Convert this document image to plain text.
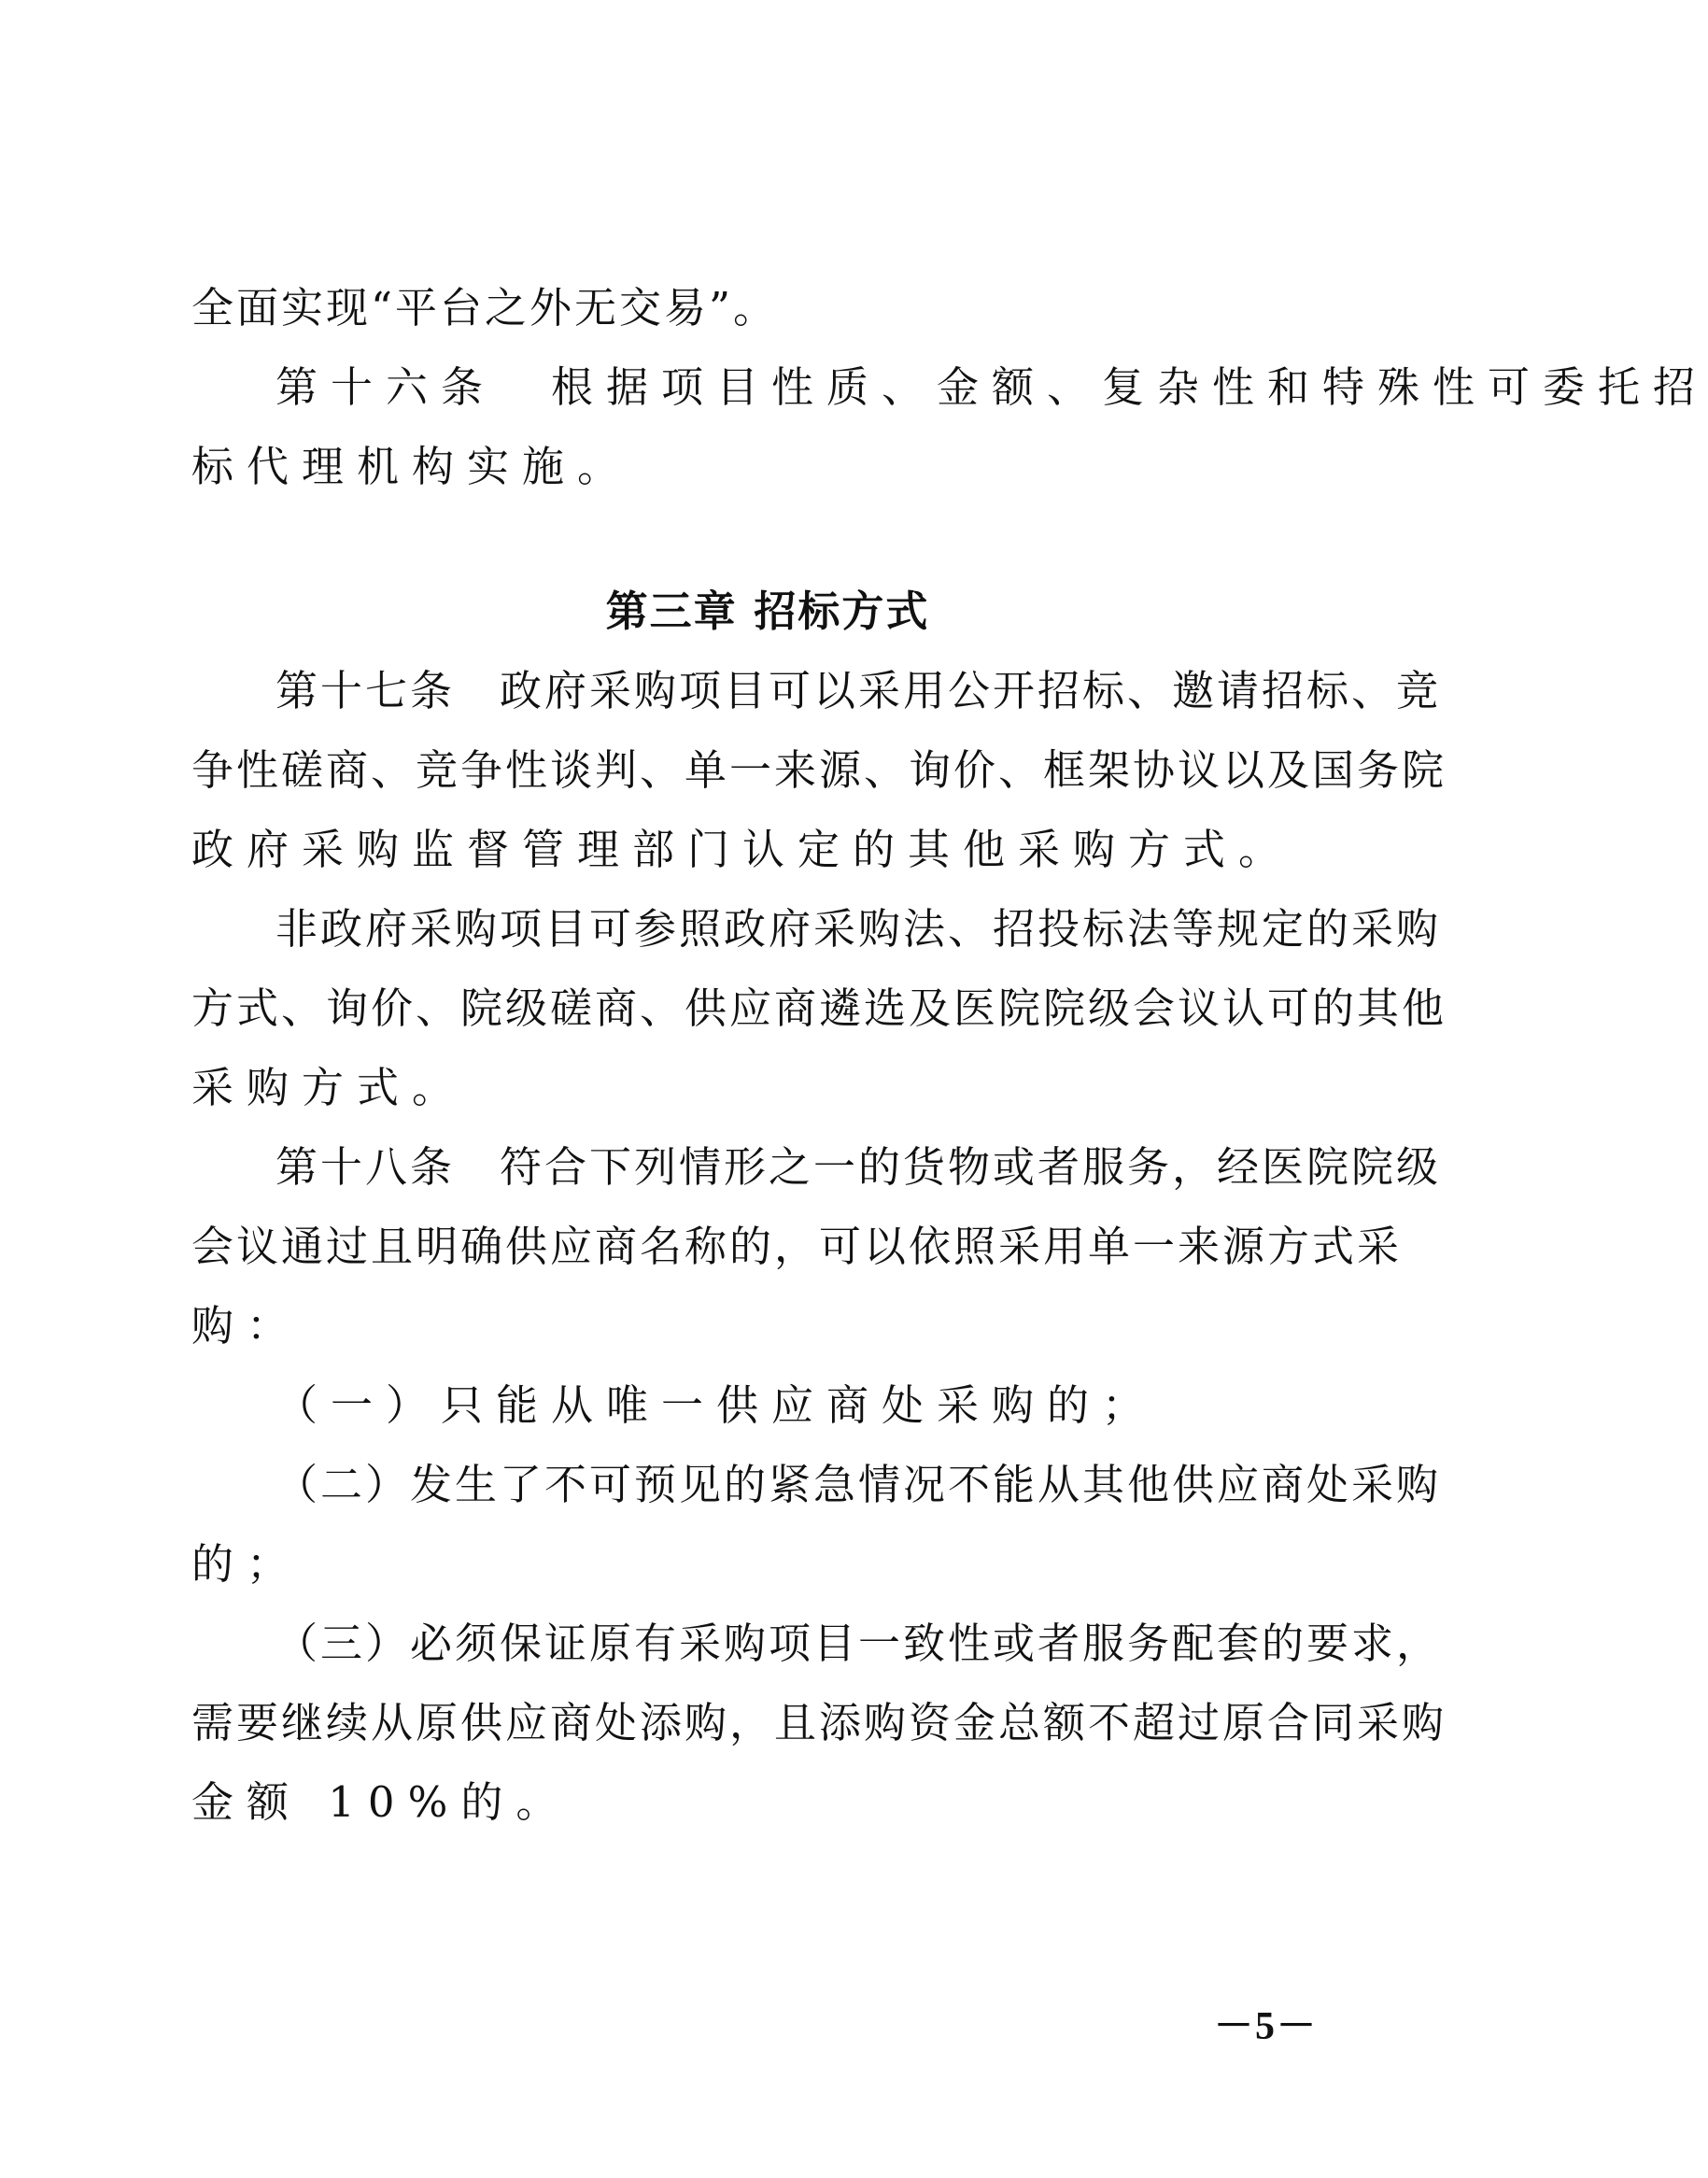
全面实现“平台之外无交易”。
第十六条　根据项目性质、金额、复杂性和特殊性可委托招
标代理机构实施。
第三章 招标方式
第十七条　政府采购项目可以采用公开招标、邀请招标、竞
争性磋商、竞争性谈判、单一来源、询价、框架协议以及国务院
政府采购监督管理部门认定的其他采购方式。
非政府采购项目可参照政府采购法、招投标法等规定的采购
方式、询价、院级磋商、供应商遴选及医院院级会议认可的其他
采购方式。
第十八条　符合下列情形之一的货物或者服务，经医院院级
会议通过且明确供应商名称的，可以依照采用单一来源方式采
购：
（一）只能从唯一供应商处采购的；
（二）发生了不可预见的紧急情况不能从其他供应商处采购
的；
（三）必须保证原有采购项目一致性或者服务配套的要求，
需要继续从原供应商处添购，且添购资金总额不超过原合同采购
金额 10%的。
－5－
